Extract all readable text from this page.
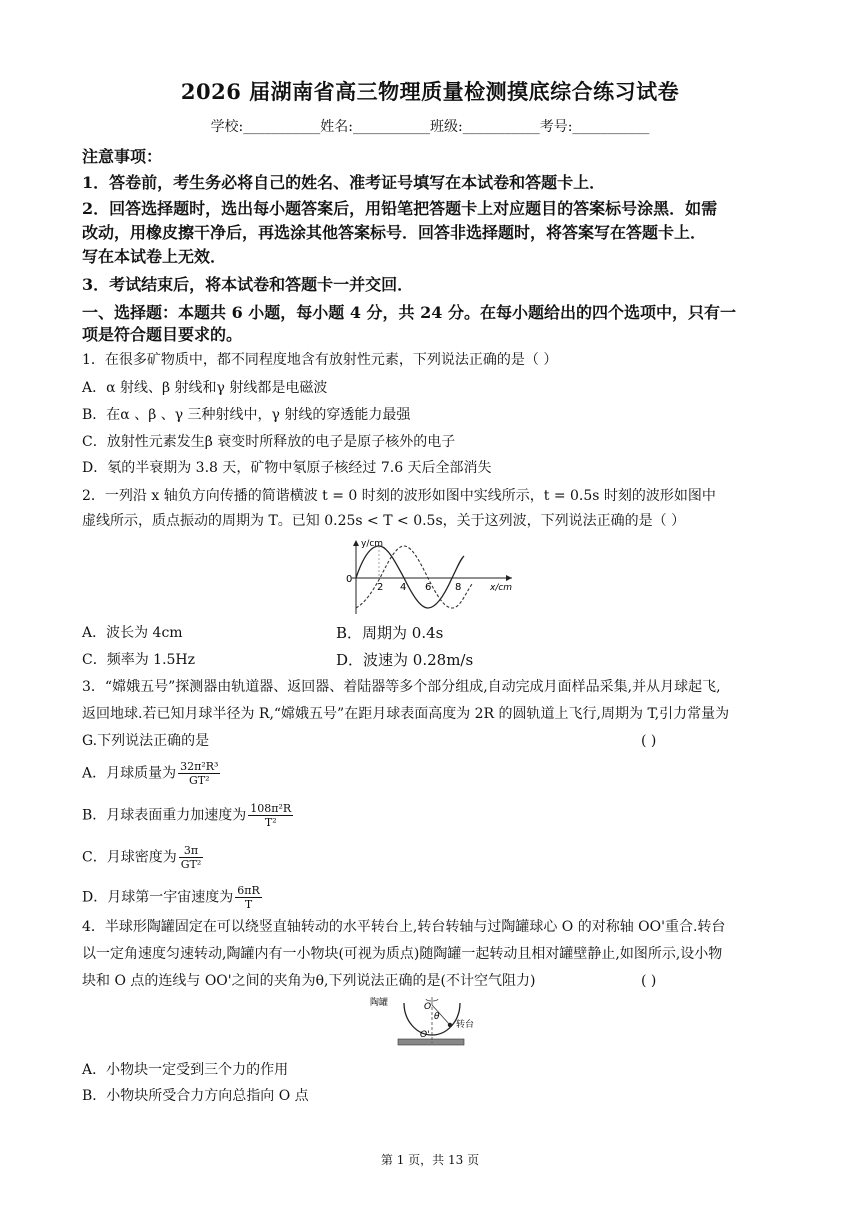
2026 届湖南省高三物理质量检测摸底综合练习试卷
学校:___________姓名:___________班级:___________考号:___________
注意事项：
1．答卷前，考生务必将自己的姓名、准考证号填写在本试卷和答题卡上．
2．回答选择题时，选出每小题答案后，用铅笔把答题卡上对应题目的答案标号涂黑．如需
改动，用橡皮擦干净后，再选涂其他答案标号．回答非选择题时，将答案写在答题卡上．
写在本试卷上无效．
3．考试结束后，将本试卷和答题卡一并交回．
一、选择题：本题共 6 小题，每小题 4 分，共 24 分。在每小题给出的四个选项中，只有一
项是符合题目要求的。
1．在很多矿物质中，都不同程度地含有放射性元素，下列说法正确的是（ ）
A．α 射线、β 射线和γ 射线都是电磁波
B．在α 、β 、γ 三种射线中，γ 射线的穿透能力最强
C．放射性元素发生β 衰变时所释放的电子是原子核外的电子
D．氡的半衰期为 3.8 天，矿物中氡原子核经过 7.6 天后全部消失
2．一列沿 x 轴负方向传播的简谐横波 t = 0 时刻的波形如图中实线所示，t = 0.5s 时刻的波形如图中
虚线所示，质点振动的周期为 T。已知 0.25s < T < 0.5s，关于这列波，下列说法正确的是（ ）
y/cm
x/cm
0
2 4 6 8
A．波长为 4cm	B．周期为 0.4s
C．频率为 1.5Hz	D．波速为 0.28m/s
3．“嫦娥五号”探测器由轨道器、返回器、着陆器等多个部分组成,自动完成月面样品采集,并从月球起飞,
返回地球.若已知月球半径为 R,“嫦娥五号”在距月球表面高度为 2R 的圆轨道上飞行,周期为 T,引力常量为
G.下列说法正确的是	( )
A．月球质量为 $\frac{\text{32π²R³}}{\text{GT²}}$
B．月球表面重力加速度为 $\frac{\text{108π²R}}{\text{T²}}$
C．月球密度为 $\frac{3\pi}{\text{GT²}}$
D．月球第一宇宙速度为 $\frac{6\pi R}{T}$
4．半球形陶罐固定在可以绕竖直轴转动的水平转台上,转台转轴与过陶罐球心 O 的对称轴 OO'重合.转台
以一定角速度匀速转动,陶罐内有一小物块(可视为质点)随陶罐一起转动且相对罐壁静止,如图所示,设小物
块和 O 点的连线与 OO'之间的夹角为θ,下列说法正确的是(不计空气阻力)	( )
陶罐
转台
O
O'
θ
A．小物块一定受到三个力的作用
B．小物块所受合力方向总指向 O 点
第 1 页，共 13 页
